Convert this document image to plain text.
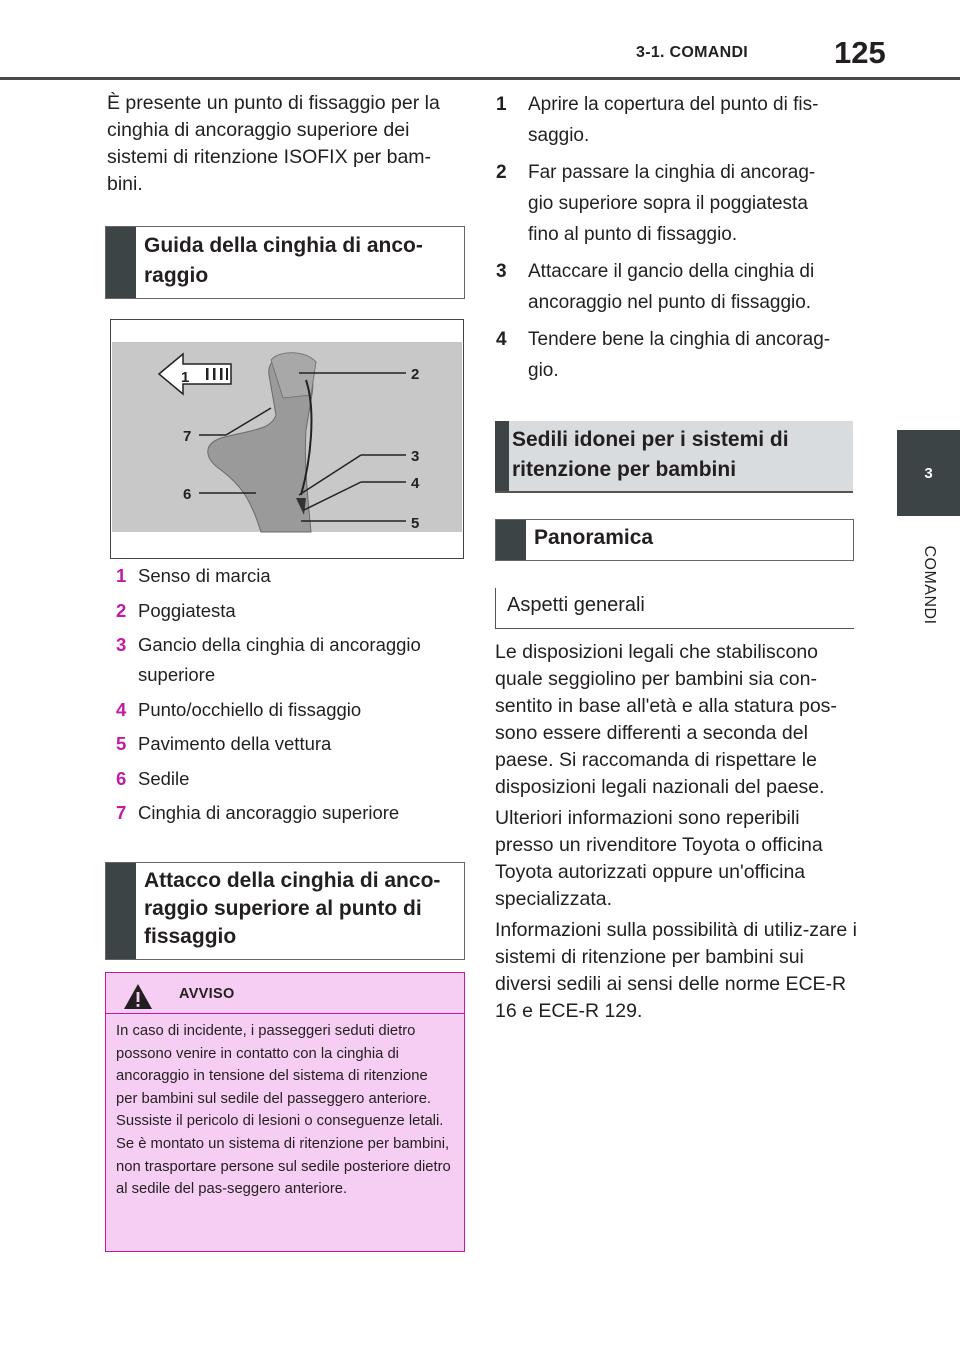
3-1. COMANDI	125
3
COMANDI
È presente un punto di fissaggio per la cinghia di ancoraggio superiore dei sistemi di ritenzione ISOFIX per bam-bini.
Guida della cinghia di anco-raggio
1	2
3
4
5
6
7
1 Senso di marcia
2 Poggiatesta
3 Gancio della cinghia di ancoraggio superiore
4 Punto/occhiello di fissaggio
5 Pavimento della vettura
6 Sedile
7 Cinghia di ancoraggio superiore
Attacco della cinghia di anco-raggio superiore al punto di fissaggio
AVVISO
In caso di incidente, i passeggeri seduti dietro possono venire in contatto con la cinghia di ancoraggio in tensione del sistema di ritenzione per bambini sul sedile del passeggero anteriore. Sussiste il pericolo di lesioni o conseguenze letali. Se è montato un sistema di ritenzione per bambini, non trasportare persone sul sedile posteriore dietro al sedile del pas-seggero anteriore.
1	Aprire la copertura del punto di fis-saggio.
2	Far passare la cinghia di ancorag-gio superiore sopra il poggiatesta fino al punto di fissaggio.
3	Attaccare il gancio della cinghia di ancoraggio nel punto di fissaggio.
4	Tendere bene la cinghia di ancorag-gio.
Sedili idonei per i sistemi di ritenzione per bambini
Panoramica
Aspetti generali
Le disposizioni legali che stabiliscono quale seggiolino per bambini sia con-sentito in base all'età e alla statura pos-sono essere differenti a seconda del paese. Si raccomanda di rispettare le disposizioni legali nazionali del paese.
Ulteriori informazioni sono reperibili presso un rivenditore Toyota o officina Toyota autorizzati oppure un'officina specializzata.
Informazioni sulla possibilità di utiliz-zare i sistemi di ritenzione per bambini sui diversi sedili ai sensi delle norme ECE-R 16 e ECE-R 129.
